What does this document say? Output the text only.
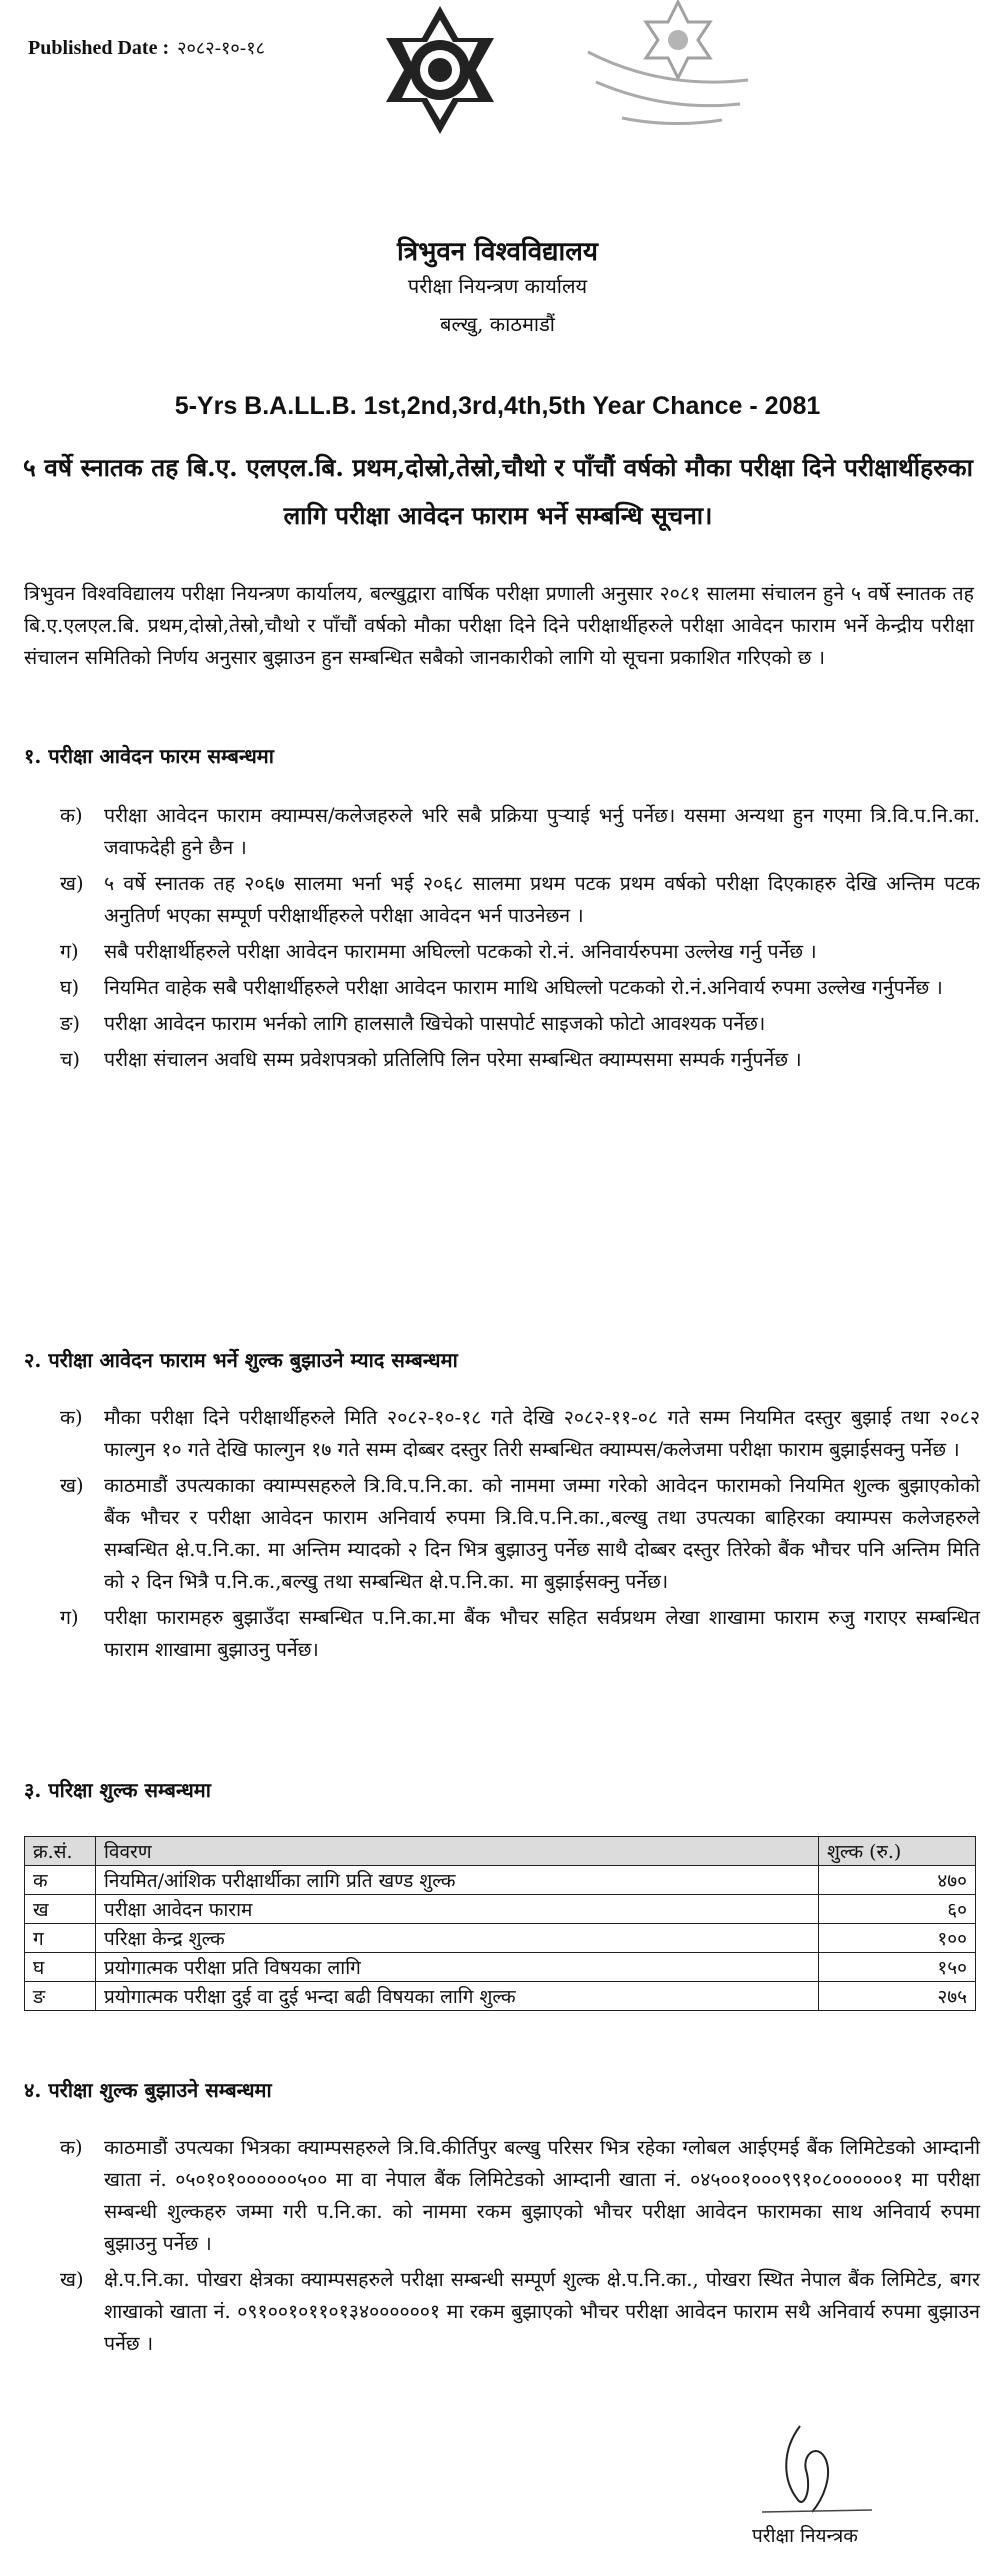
Published Date : २०८२-१०-१८
त्रिभुवन विश्वविद्यालय
परीक्षा नियन्त्रण कार्यालय
बल्खु, काठमाडौं
5-Yrs B.A.LL.B. 1st,2nd,3rd,4th,5th Year Chance - 2081
५ वर्षे स्नातक तह बि.ए. एलएल.बि. प्रथम,दोस्रो,तेस्रो,चौथो र पाँचौं वर्षको मौका परीक्षा दिने परीक्षार्थीहरुका लागि परीक्षा आवेदन फाराम भर्ने सम्बन्धि सूचना।
त्रिभुवन विश्वविद्यालय परीक्षा नियन्त्रण कार्यालय, बल्खुद्वारा वार्षिक परीक्षा प्रणाली अनुसार २०८१ सालमा संचालन हुने ५ वर्षे स्नातक तह बि.ए.एलएल.बि. प्रथम,दोस्रो,तेस्रो,चौथो र पाँचौं वर्षको मौका परीक्षा दिने दिने परीक्षार्थीहरुले परीक्षा आवेदन फाराम भर्ने केन्द्रीय परीक्षा संचालन समितिको निर्णय अनुसार बुझाउन हुन सम्बन्धित सबैको जानकारीको लागि यो सूचना प्रकाशित गरिएको छ ।
१. परीक्षा आवेदन फारम सम्बन्धमा
क)	परीक्षा आवेदन फाराम क्याम्पस/कलेजहरुले भरि सबै प्रक्रिया पुऱ्याई भर्नु पर्नेछ। यसमा अन्यथा हुन गएमा त्रि.वि.प.नि.का. जवाफदेही हुने छैन ।
ख)	५ वर्षे स्नातक तह २०६७ सालमा भर्ना भई २०६८ सालमा प्रथम पटक प्रथम वर्षको परीक्षा दिएकाहरु देखि अन्तिम पटक अनुतिर्ण भएका सम्पूर्ण परीक्षार्थीहरुले परीक्षा आवेदन भर्न पाउनेछन ।
ग)	सबै परीक्षार्थीहरुले परीक्षा आवेदन फाराममा अघिल्लो पटकको रो.नं. अनिवार्यरुपमा उल्लेख गर्नु पर्नेछ ।
घ)	नियमित वाहेक सबै परीक्षार्थीहरुले परीक्षा आवेदन फाराम माथि अघिल्लो पटकको रो.नं.अनिवार्य रुपमा उल्लेख गर्नुपर्नेछ ।
ङ)	परीक्षा आवेदन फाराम भर्नको लागि हालसालै खिचेको पासपोर्ट साइजको फोटो आवश्यक पर्नेछ।
च)	परीक्षा संचालन अवधि सम्म प्रवेशपत्रको प्रतिलिपि लिन परेमा सम्बन्धित क्याम्पसमा सम्पर्क गर्नुपर्नेछ ।
२. परीक्षा आवेदन फाराम भर्ने शुल्क बुझाउने म्याद सम्बन्धमा
क)	मौका परीक्षा दिने परीक्षार्थीहरुले मिति २०८२-१०-१८ गते देखि २०८२-११-०८ गते सम्म नियमित दस्तुर बुझाई तथा २०८२ फाल्गुन १० गते देखि फाल्गुन १७ गते सम्म दोब्बर दस्तुर तिरी सम्बन्धित क्याम्पस/कलेजमा परीक्षा फाराम बुझाईसक्नु पर्नेछ ।
ख)	काठमाडौं उपत्यकाका क्याम्पसहरुले त्रि.वि.प.नि.का. को नाममा जम्मा गरेको आवेदन फारामको नियमित शुल्क बुझाएकोको बैंक भौचर र परीक्षा आवेदन फाराम अनिवार्य रुपमा त्रि.वि.प.नि.का.,बल्खु तथा उपत्यका बाहिरका क्याम्पस कलेजहरुले सम्बन्धित क्षे.प.नि.का. मा अन्तिम म्यादको २ दिन भित्र बुझाउनु पर्नेछ साथै दोब्बर दस्तुर तिरेको बैंक भौचर पनि अन्तिम मिति को २ दिन भित्रै प.नि.क.,बल्खु तथा सम्बन्धित क्षे.प.नि.का. मा बुझाईसक्नु पर्नेछ।
ग)	परीक्षा फारामहरु बुझाउँदा सम्बन्धित प.नि.का.मा बैंक भौचर सहित सर्वप्रथम लेखा शाखामा फाराम रुजु गराएर सम्बन्धित फाराम शाखामा बुझाउनु पर्नेछ।
३. परिक्षा शुल्क सम्बन्धमा
क्र.सं.	विवरण	शुल्क (रु.)
क	नियमित/आंशिक परीक्षार्थीका लागि प्रति खण्ड शुल्क	४७०
ख	परीक्षा आवेदन फाराम	६०
ग	परिक्षा केन्द्र शुल्क	१००
घ	प्रयोगात्मक परीक्षा प्रति विषयका लागि	१५०
ङ	प्रयोगात्मक परीक्षा दुई वा दुई भन्दा बढी विषयका लागि शुल्क	२७५
४. परीक्षा शुल्क बुझाउने सम्बन्धमा
क)	काठमाडौं उपत्यका भित्रका क्याम्पसहरुले त्रि.वि.कीर्तिपुर बल्खु परिसर भित्र रहेका ग्लोबल आईएमई बैंक लिमिटेडको आम्दानी खाता नं. ०५०१०१००००००५०० मा वा नेपाल बैंक लिमिटेडको आम्दानी खाता नं. ०४५००१०००९९१०८००००००१ मा परीक्षा सम्बन्धी शुल्कहरु जम्मा गरी प.नि.का. को नाममा रकम बुझाएको भौचर परीक्षा आवेदन फारामका साथ अनिवार्य रुपमा बुझाउनु पर्नेछ ।
ख)	क्षे.प.नि.का. पोखरा क्षेत्रका क्याम्पसहरुले परीक्षा सम्बन्धी सम्पूर्ण शुल्क क्षे.प.नि.का., पोखरा स्थित नेपाल बैंक लिमिटेड, बगर शाखाको खाता नं. ०९१००१०११०१३४००००००१ मा रकम बुझाएको भौचर परीक्षा आवेदन फाराम सथै अनिवार्य रुपमा बुझाउन पर्नेछ ।
परीक्षा नियन्त्रक
